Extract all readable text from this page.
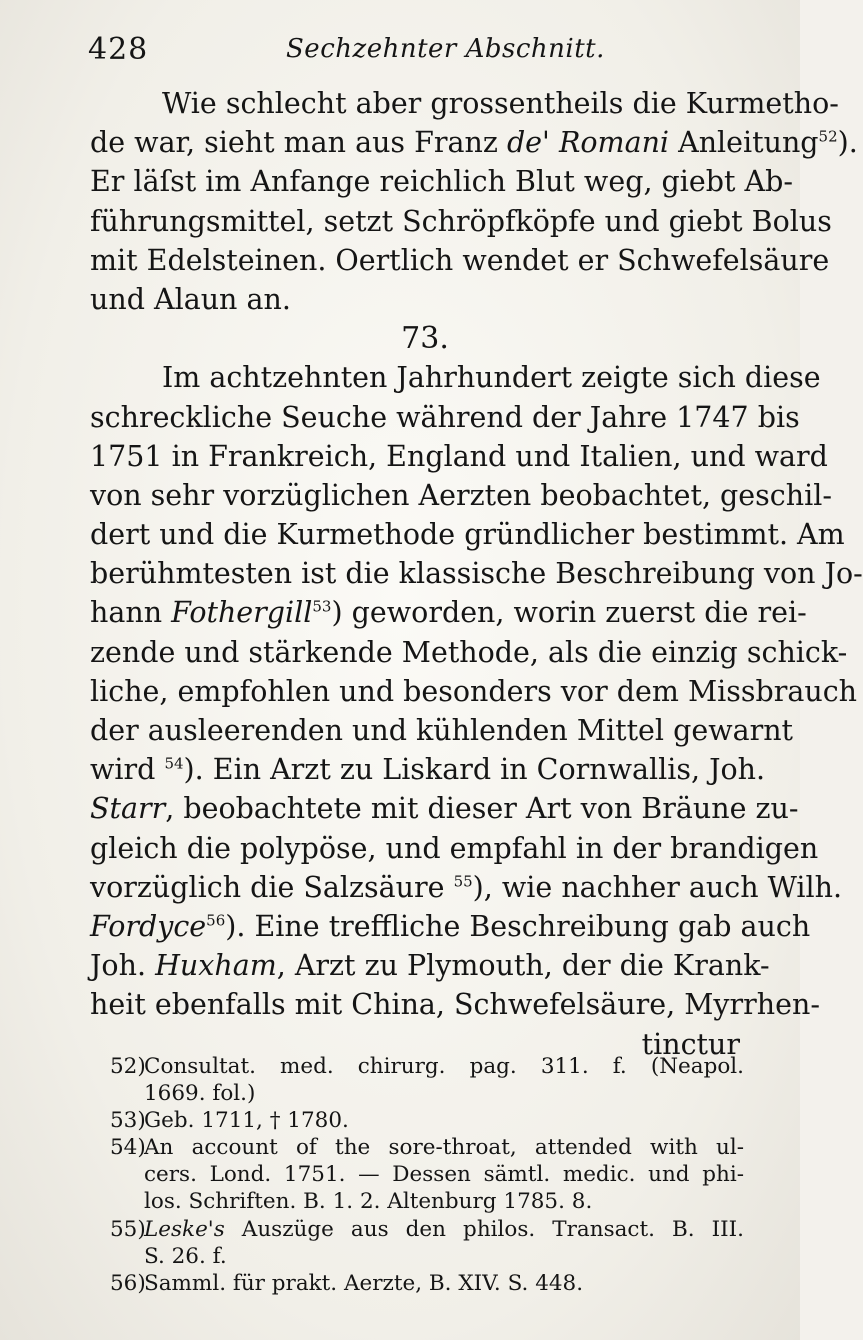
428	Sechzehnter Abschnitt.
Wie schlecht aber grossentheils die Kurmetho-
de war, sieht man aus Franz de' Romani Anleitung$^{52}$).
Er läſst im Anfange reichlich Blut weg, giebt Ab-
führungsmittel, setzt Schröpfköpfe und giebt Bolus
mit Edelsteinen. Oertlich wendet er Schwefelsäure
und Alaun an.
73.
Im achtzehnten Jahrhundert zeigte sich diese
schreckliche Seuche während der Jahre 1747 bis
1751 in Frankreich, England und Italien, und ward
von sehr vorzüglichen Aerzten beobachtet, geschil-
dert und die Kurmethode gründlicher bestimmt. Am
berühmtesten ist die klassische Beschreibung von Jo-
hann Fothergill$^{53}$) geworden, worin zuerst die rei-
zende und stärkende Methode, als die einzig schick-
liche, empfohlen und besonders vor dem Missbrauch
der ausleerenden und kühlenden Mittel gewarnt
wird $^{54}$). Ein Arzt zu Liskard in Cornwallis, Joh.
Starr, beobachtete mit dieser Art von Bräune zu-
gleich die polypöse, und empfahl in der brandigen
vorzüglich die Salzsäure $^{55}$), wie nachher auch Wilh.
Fordyce$^{56}$). Eine treffliche Beschreibung gab auch
Joh. Huxham, Arzt zu Plymouth, der die Krank-
heit ebenfalls mit China, Schwefelsäure, Myrrhen-
tinctur
52)Consultat. med. chirurg. pag. 311. f. (Neapol.
1669. fol.)
53)Geb. 1711, † 1780.
54)An account of the sore-throat, attended with ul-
cers. Lond. 1751. — Dessen sämtl. medic. und phi-
los. Schriften. B. 1. 2. Altenburg 1785. 8.
55)Leske's Auszüge aus den philos. Transact. B. III.
S. 26. f.
56)Samml. für prakt. Aerzte, B. XIV. S. 448.
